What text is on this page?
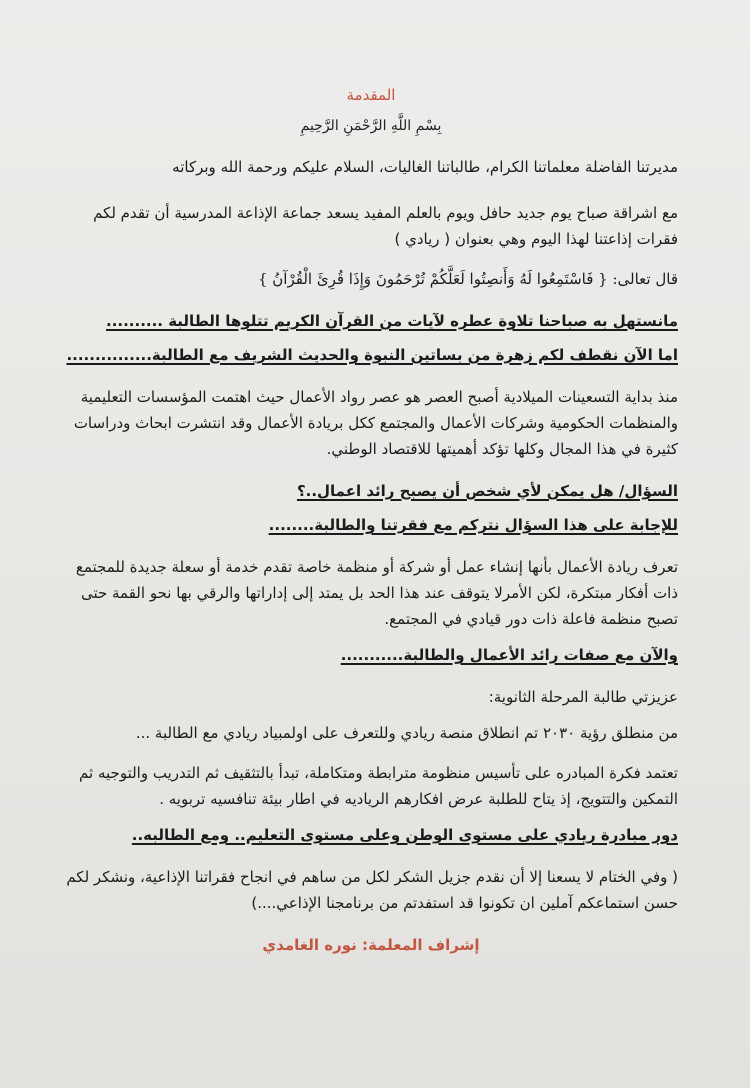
المقدمة
بِسْمِ اللَّهِ الرَّحْمَنِ الرَّحِيمِ

مديرتنا الفاضلة معلماتنا الكرام، طالباتنا الغاليات، السلام عليكم ورحمة الله وبركاته

مع اشراقة صباح يوم جديد حافل ويوم بالعلم المفيد يسعد جماعة الإذاعة المدرسية أن تقدم لكم فقرات إذاعتنا لهذا اليوم وهي بعنوان ( ريادي )

قال تعالى: { فَاسْتَمِعُوا لَهُ وَأَنصِتُوا لَعَلَّكُمْ تُرْحَمُونَ وَإِذَا قُرِئَ الْقُرْآنُ }

مانستهل به صباحنا تلاوة عطره لآيات من القرآن الكريم تتلوها الطالبة ..........
اما الآن نقطف لكم زهرة من بساتين النبوة والحديث الشريف مع الطالبة...............

منذ بداية التسعينات الميلادية أصبح العصر هو عصر رواد الأعمال حيث اهتمت المؤسسات التعليمية والمنظمات الحكومية وشركات الأعمال والمجتمع ككل بريادة الأعمال وقد انتشرت ابحاث ودراسات كثيرة في هذا المجال وكلها تؤكد أهميتها للاقتصاد الوطني.

السؤال/ هل يمكن لأي شخص أن يصبح رائد اعمال..؟
للإجابة على هذا السؤال نتركم مع فقرتنا والطالبة........

تعرف ريادة الأعمال بأنها إنشاء عمل أو شركة أو منظمة خاصة تقدم خدمة أو سعلة جديدة للمجتمع ذات أفكار مبتكرة، لكن الأمرلا يتوقف عند هذا الحد بل يمتد إلى إداراتها والرقي بها نحو القمة حتى تصبح منظمة فاعلة ذات دور قيادي في المجتمع.

والآن مع صفات رائد الأعمال والطالبة...........

عزيزتي طالبة المرحلة الثانوية:

من منطلق رؤية ٢٠٣٠ تم انطلاق منصة ريادي وللتعرف على اولمبياد ريادي مع الطالبة ...

تعتمد فكرة المبادره على تأسيس منظومة مترابطة ومتكاملة، تبدأ بالتثقيف ثم التدريب والتوجيه ثم التمكين والتتويج، إذ يتاح للطلبة عرض افكارهم الرياديه في اطار بيئة تنافسيه تربويه .

دور مبادرة ريادي على مستوى الوطن وعلى مستوى التعليم.. ومع الطالبه..

( وفي الختام لا يسعنا إلا أن نقدم جزيل الشكر لكل من ساهم في انجاح فقراتنا الإذاعية، ونشكر لكم حسن استماعكم آملين ان تكونوا قد استفدتم من برنامجنا الإذاعي....)

إشراف المعلمة: نوره الغامدي
